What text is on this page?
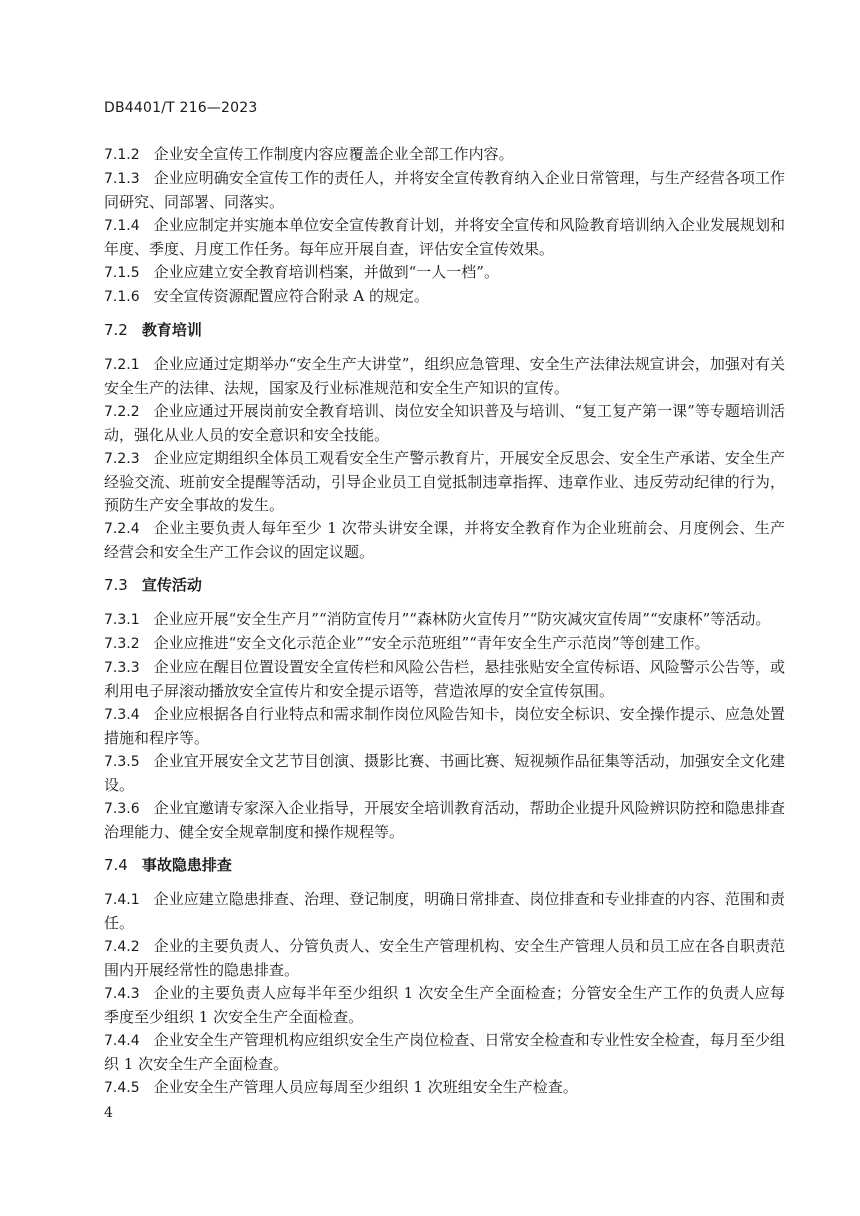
DB4401/T 216—2023

7.1.2 企业安全宣传工作制度内容应覆盖企业全部工作内容。

7.1.3 企业应明确安全宣传工作的责任人，并将安全宣传教育纳入企业日常管理，与生产经营各项工作同研究、同部署、同落实。

7.1.4 企业应制定并实施本单位安全宣传教育计划，并将安全宣传和风险教育培训纳入企业发展规划和年度、季度、月度工作任务。每年应开展自查，评估安全宣传效果。

7.1.5 企业应建立安全教育培训档案，并做到“一人一档”。

7.1.6 安全宣传资源配置应符合附录 A 的规定。

7.2 教育培训

7.2.1 企业应通过定期举办“安全生产大讲堂”，组织应急管理、安全生产法律法规宣讲会，加强对有关安全生产的法律、法规，国家及行业标准规范和安全生产知识的宣传。

7.2.2 企业应通过开展岗前安全教育培训、岗位安全知识普及与培训、“复工复产第一课”等专题培训活动，强化从业人员的安全意识和安全技能。

7.2.3 企业应定期组织全体员工观看安全生产警示教育片，开展安全反思会、安全生产承诺、安全生产经验交流、班前安全提醒等活动，引导企业员工自觉抵制违章指挥、违章作业、违反劳动纪律的行为，预防生产安全事故的发生。

7.2.4 企业主要负责人每年至少 1 次带头讲安全课，并将安全教育作为企业班前会、月度例会、生产经营会和安全生产工作会议的固定议题。

7.3 宣传活动

7.3.1 企业应开展“安全生产月”“消防宣传月”“森林防火宣传月”“防灾减灾宣传周”“安康杯”等活动。

7.3.2 企业应推进“安全文化示范企业”“安全示范班组”“青年安全生产示范岗”等创建工作。

7.3.3 企业应在醒目位置设置安全宣传栏和风险公告栏，悬挂张贴安全宣传标语、风险警示公告等，或利用电子屏滚动播放安全宣传片和安全提示语等，营造浓厚的安全宣传氛围。

7.3.4 企业应根据各自行业特点和需求制作岗位风险告知卡，岗位安全标识、安全操作提示、应急处置措施和程序等。

7.3.5 企业宜开展安全文艺节目创演、摄影比赛、书画比赛、短视频作品征集等活动，加强安全文化建设。

7.3.6 企业宜邀请专家深入企业指导，开展安全培训教育活动，帮助企业提升风险辨识防控和隐患排查治理能力、健全安全规章制度和操作规程等。

7.4 事故隐患排查

7.4.1 企业应建立隐患排查、治理、登记制度，明确日常排查、岗位排查和专业排查的内容、范围和责任。

7.4.2 企业的主要负责人、分管负责人、安全生产管理机构、安全生产管理人员和员工应在各自职责范围内开展经常性的隐患排查。

7.4.3 企业的主要负责人应每半年至少组织 1 次安全生产全面检查；分管安全生产工作的负责人应每季度至少组织 1 次安全生产全面检查。

7.4.4 企业安全生产管理机构应组织安全生产岗位检查、日常安全检查和专业性安全检查，每月至少组织 1 次安全生产全面检查。

7.4.5 企业安全生产管理人员应每周至少组织 1 次班组安全生产检查。

4
